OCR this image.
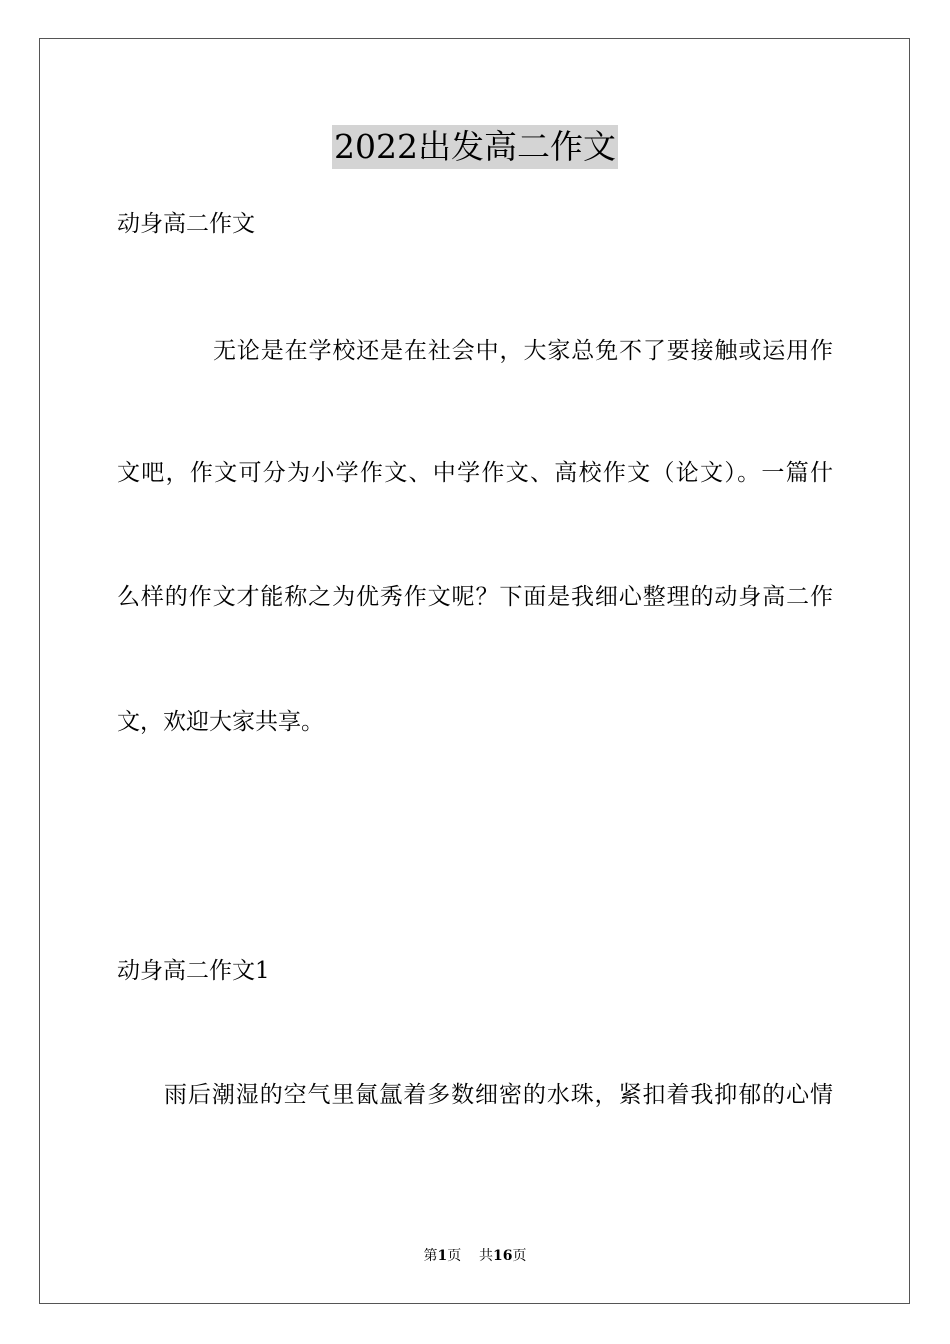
2022出发高二作文
动身高二作文
无论是在学校还是在社会中，大家总免不了要接触或运用作
文吧，作文可分为小学作文、中学作文、高校作文（论文）。一篇什
么样的作文才能称之为优秀作文呢？下面是我细心整理的动身高二作
文，欢迎大家共享。
动身高二作文1
雨后潮湿的空气里氤氲着多数细密的水珠，紧扣着我抑郁的心情
第1页 共16页
